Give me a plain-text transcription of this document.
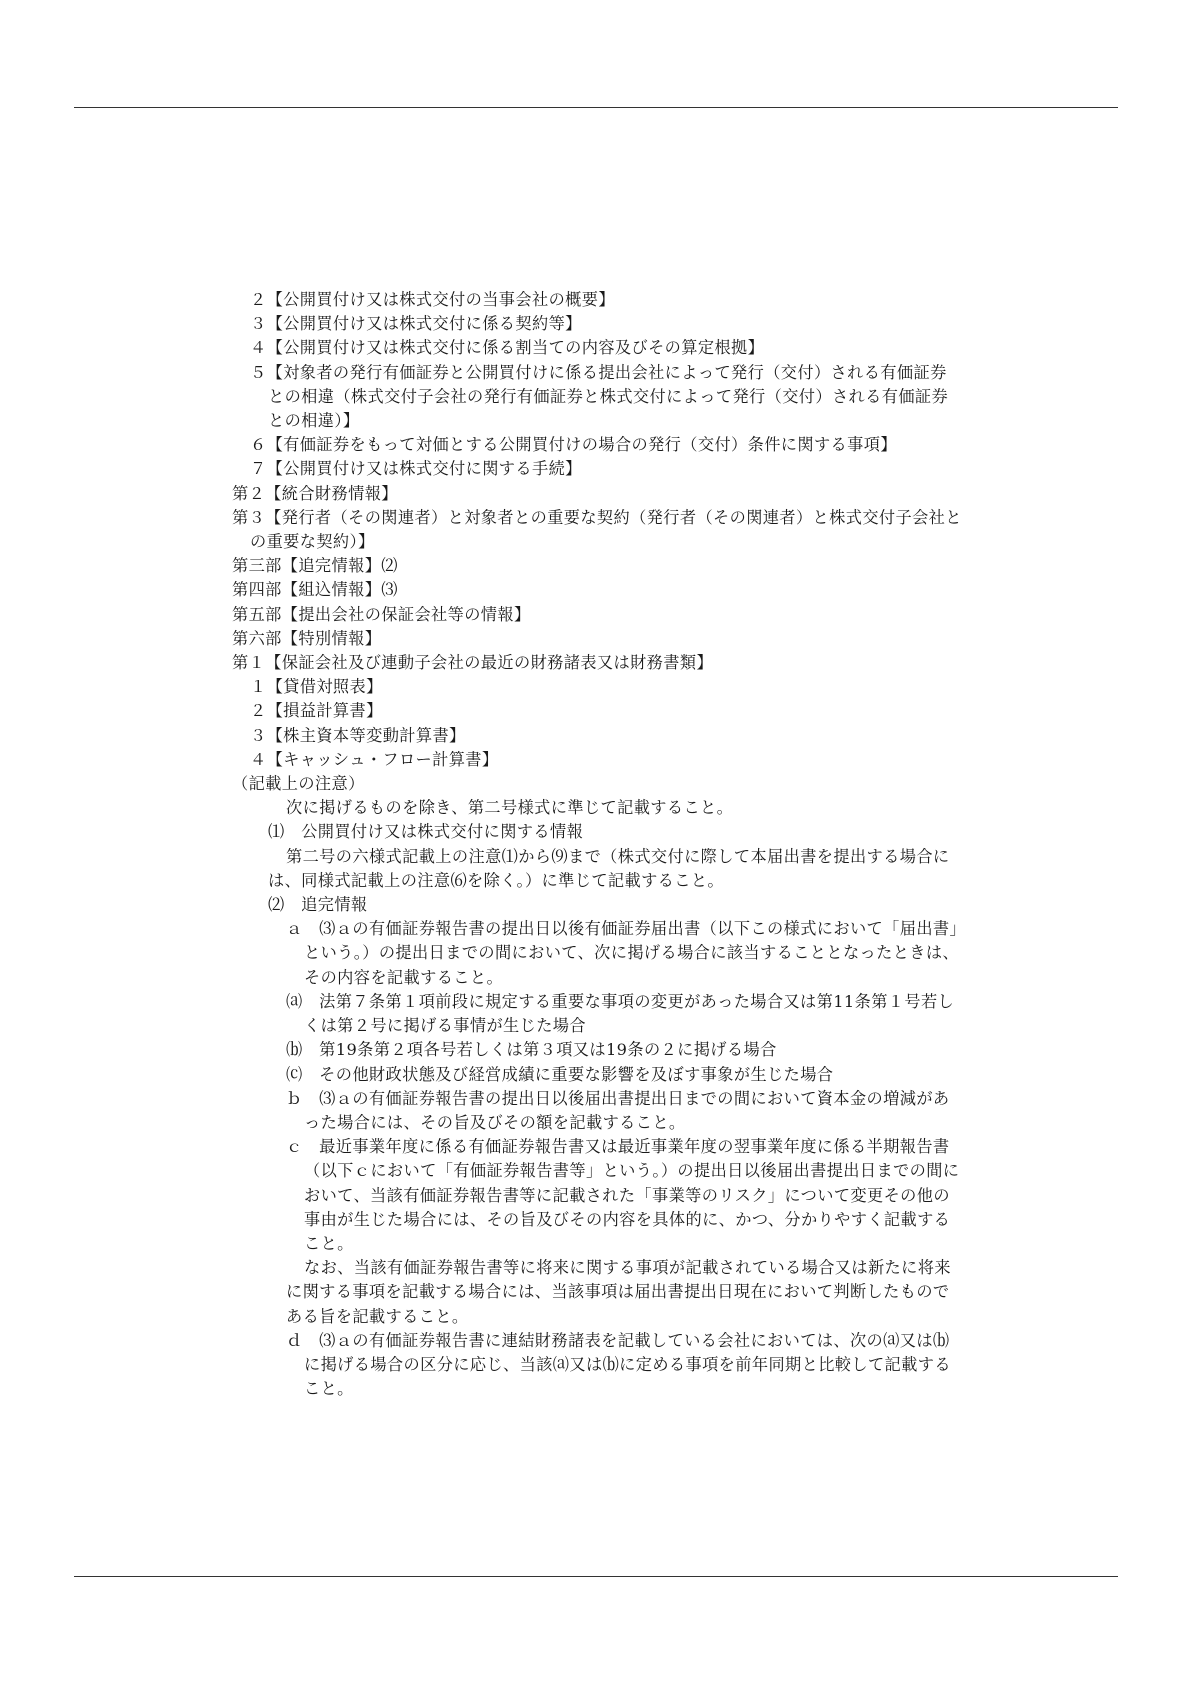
２【公開買付け又は株式交付の当事会社の概要】

３【公開買付け又は株式交付に係る契約等】

４【公開買付け又は株式交付に係る割当ての内容及びその算定根拠】

５【対象者の発行有価証券と公開買付けに係る提出会社によって発行（交付）される有価証券との相違（株式交付子会社の発行有価証券と株式交付によって発行（交付）される有価証券との相違）】

６【有価証券をもって対価とする公開買付けの場合の発行（交付）条件に関する事項】

７【公開買付け又は株式交付に関する手続】

第２【統合財務情報】

第３【発行者（その関連者）と対象者との重要な契約（発行者（その関連者）と株式交付子会社との重要な契約）】

第三部【追完情報】⑵

第四部【組込情報】⑶

第五部【提出会社の保証会社等の情報】

第六部【特別情報】

第１【保証会社及び連動子会社の最近の財務諸表又は財務書類】

１【貸借対照表】

２【損益計算書】

３【株主資本等変動計算書】

４【キャッシュ・フロー計算書】

（記載上の注意）

次に掲げるものを除き、第二号様式に準じて記載すること。

⑴　公開買付け又は株式交付に関する情報

第二号の六様式記載上の注意⑴から⑼まで（株式交付に際して本届出書を提出する場合には、同様式記載上の注意⑹を除く。）に準じて記載すること。

⑵　追完情報

ａ　⑶ａの有価証券報告書の提出日以後有価証券届出書（以下この様式において「届出書」という。）の提出日までの間において、次に掲げる場合に該当することとなったときは、その内容を記載すること。

⒜　法第７条第１項前段に規定する重要な事項の変更があった場合又は第11条第１号若しくは第２号に掲げる事情が生じた場合

⒝　第19条第２項各号若しくは第３項又は19条の２に掲げる場合

⒞　その他財政状態及び経営成績に重要な影響を及ぼす事象が生じた場合

ｂ　⑶ａの有価証券報告書の提出日以後届出書提出日までの間において資本金の増減があった場合には、その旨及びその額を記載すること。

ｃ　最近事業年度に係る有価証券報告書又は最近事業年度の翌事業年度に係る半期報告書（以下ｃにおいて「有価証券報告書等」という。）の提出日以後届出書提出日までの間において、当該有価証券報告書等に記載された「事業等のリスク」について変更その他の事由が生じた場合には、その旨及びその内容を具体的に、かつ、分かりやすく記載すること。

なお、当該有価証券報告書等に将来に関する事項が記載されている場合又は新たに将来に関する事項を記載する場合には、当該事項は届出書提出日現在において判断したものである旨を記載すること。

ｄ　⑶ａの有価証券報告書に連結財務諸表を記載している会社においては、次の⒜又は⒝に掲げる場合の区分に応じ、当該⒜又は⒝に定める事項を前年同期と比較して記載すること。
